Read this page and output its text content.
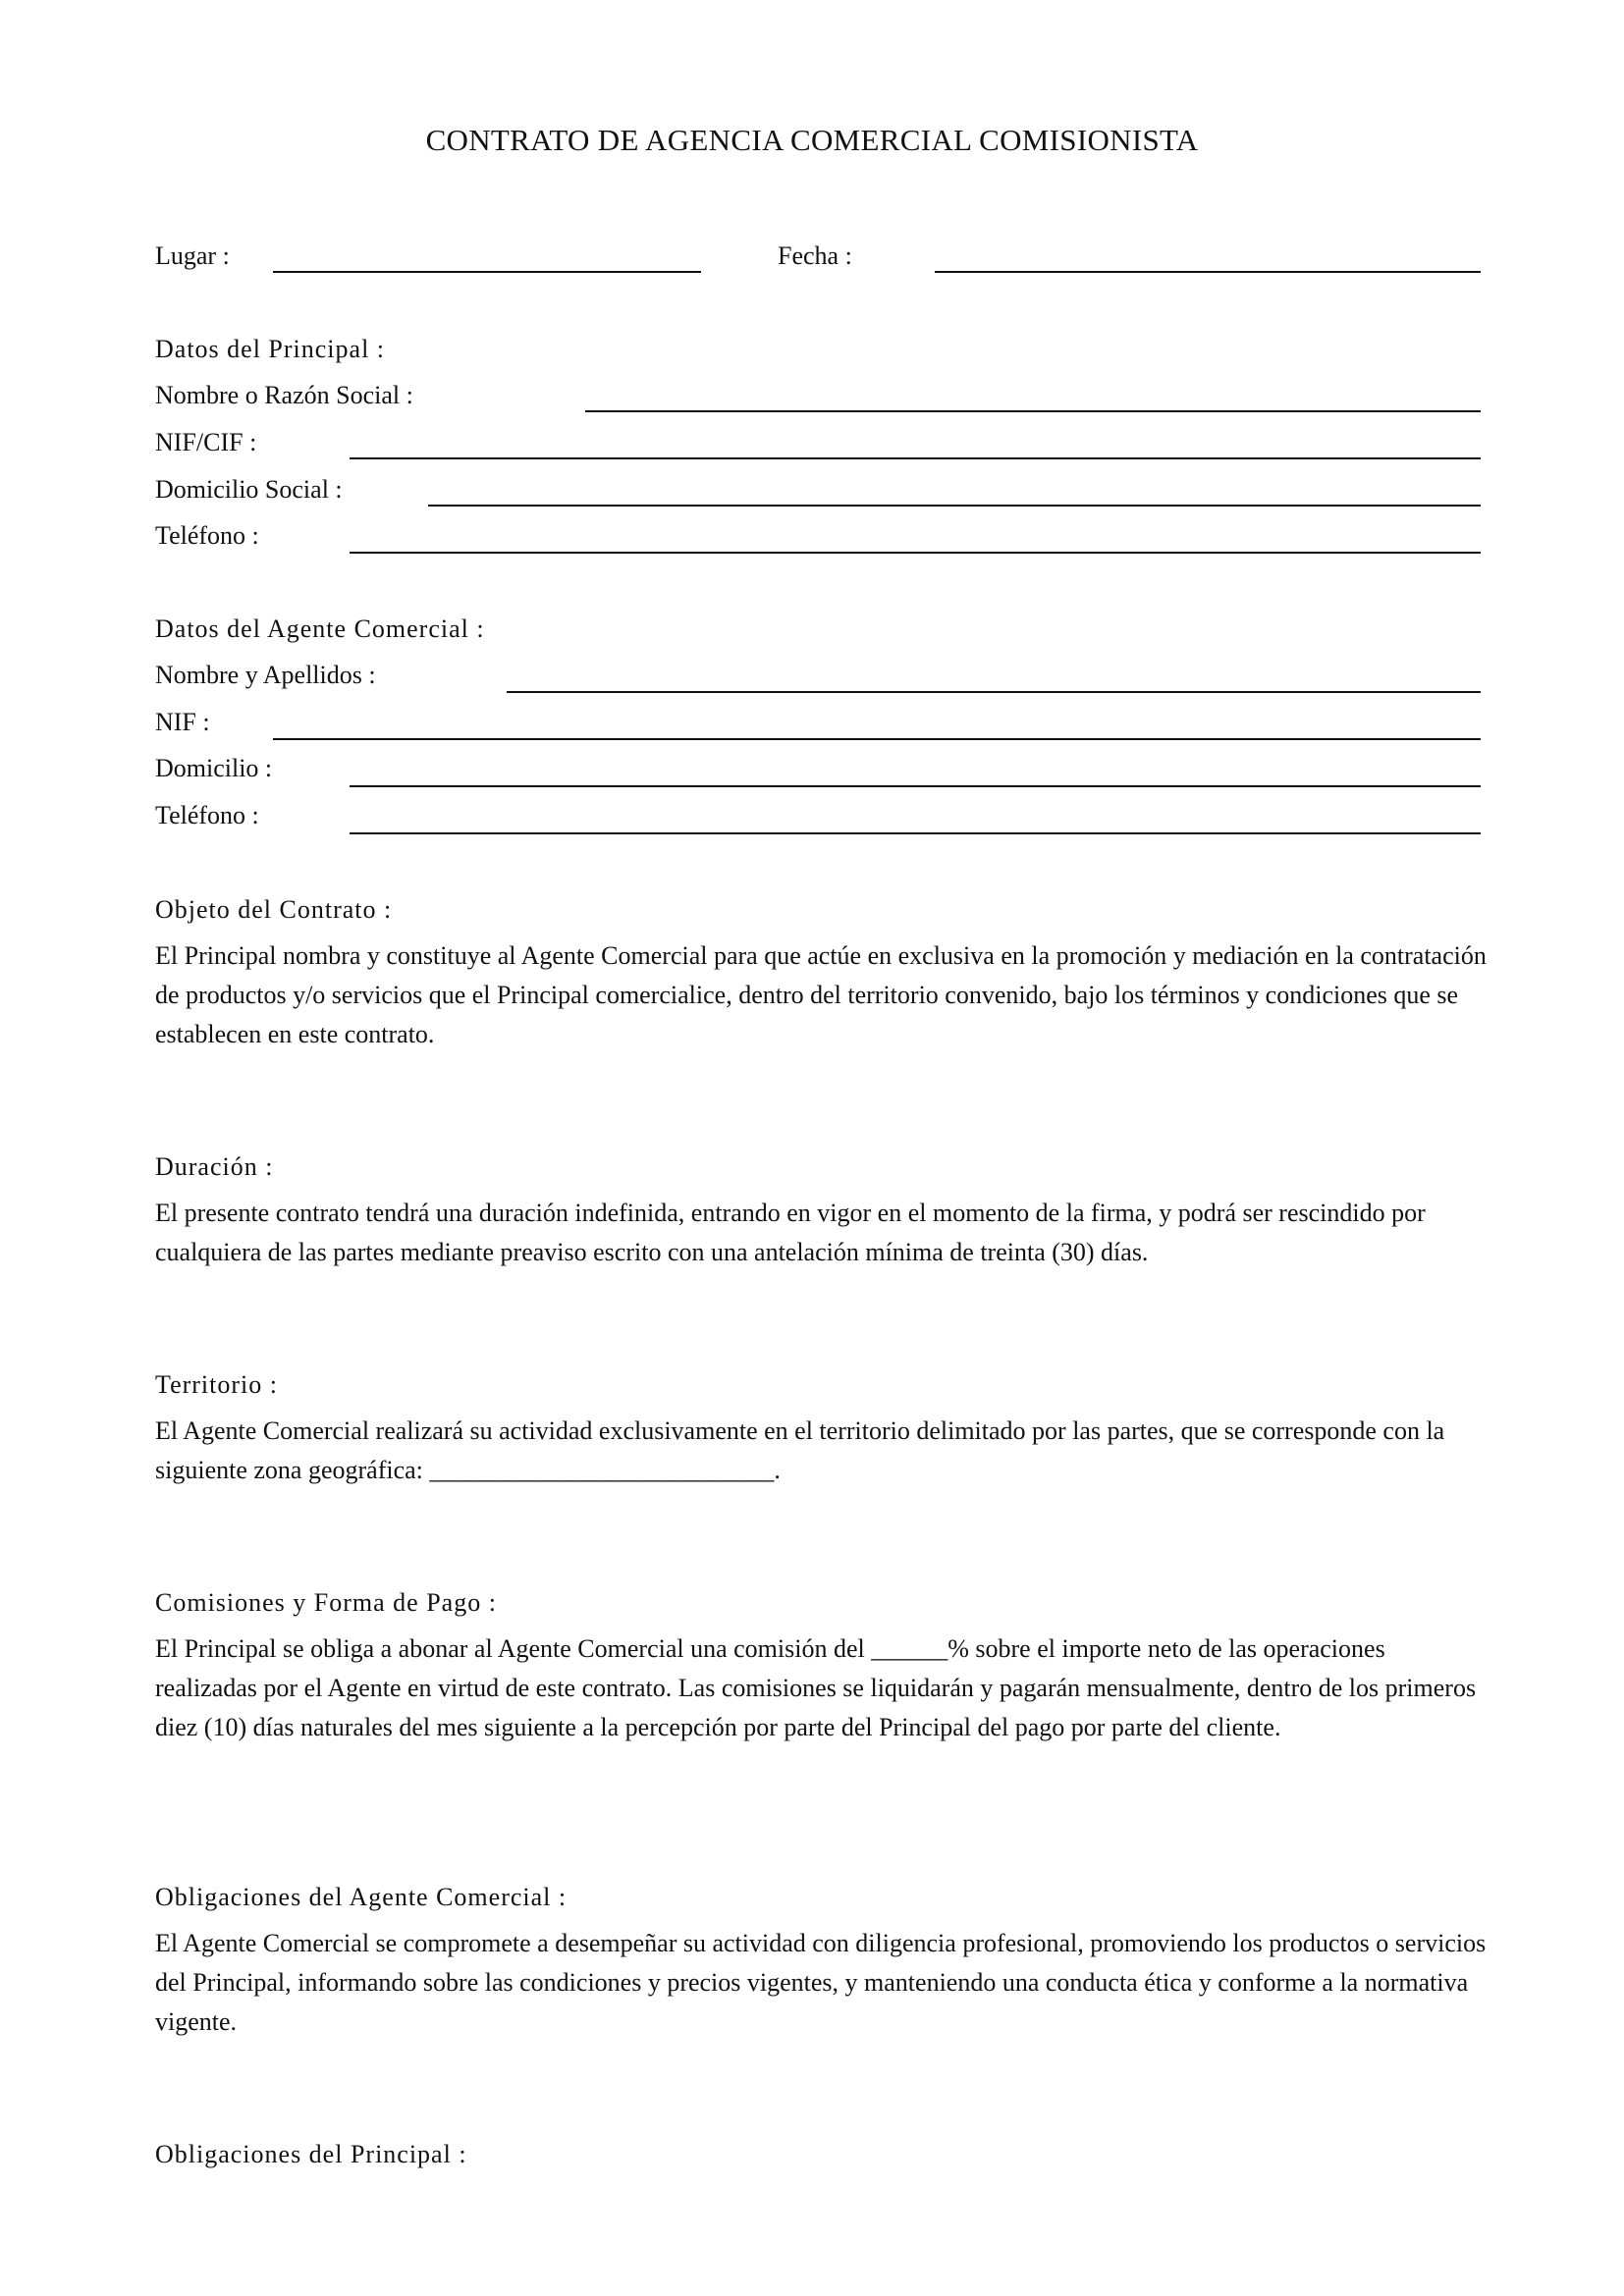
CONTRATO DE AGENCIA COMERCIAL COMISIONISTA
Lugar :	Fecha :
Datos del Principal :
Nombre o Razón Social :
NIF/CIF :
Domicilio Social :
Teléfono :
Datos del Agente Comercial :
Nombre y Apellidos :
NIF :
Domicilio :
Teléfono :
Objeto del Contrato :
El Principal nombra y constituye al Agente Comercial para que actúe en exclusiva en la promoción y mediación en la contratación de productos y/o servicios que el Principal comercialice, dentro del territorio convenido, bajo los términos y condiciones que se establecen en este contrato.
Duración :
El presente contrato tendrá una duración indefinida, entrando en vigor en el momento de la firma, y podrá ser rescindido por cualquiera de las partes mediante preaviso escrito con una antelación mínima de treinta (30) días.
Territorio :
El Agente Comercial realizará su actividad exclusivamente en el territorio delimitado por las partes, que se corresponde con la siguiente zona geográfica: ___________________________.
Comisiones y Forma de Pago :
El Principal se obliga a abonar al Agente Comercial una comisión del ______% sobre el importe neto de las operaciones realizadas por el Agente en virtud de este contrato. Las comisiones se liquidarán y pagarán mensualmente, dentro de los primeros diez (10) días naturales del mes siguiente a la percepción por parte del Principal del pago por parte del cliente.
Obligaciones del Agente Comercial :
El Agente Comercial se compromete a desempeñar su actividad con diligencia profesional, promoviendo los productos o servicios del Principal, informando sobre las condiciones y precios vigentes, y manteniendo una conducta ética y conforme a la normativa vigente.
Obligaciones del Principal :
